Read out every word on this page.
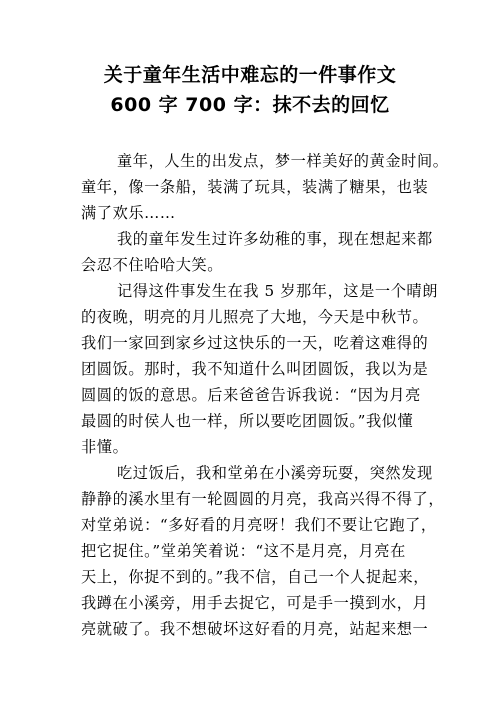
关于童年生活中难忘的一件事作文
600 字 700 字：抹不去的回忆
童年，人生的出发点，梦一样美好的黄金时间。
童年，像一条船，装满了玩具，装满了糖果，也装
满了欢乐……
我的童年发生过许多幼稚的事，现在想起来都
会忍不住哈哈大笑。
记得这件事发生在我 5 岁那年，这是一个晴朗
的夜晚，明亮的月儿照亮了大地，今天是中秋节。
我们一家回到家乡过这快乐的一天，吃着这难得的
团圆饭。那时，我不知道什么叫团圆饭，我以为是
圆圆的饭的意思。后来爸爸告诉我说：“因为月亮
最圆的时侯人也一样，所以要吃团圆饭。”我似懂
非懂。
吃过饭后，我和堂弟在小溪旁玩耍，突然发现
静静的溪水里有一轮圆圆的月亮，我高兴得不得了，
对堂弟说：“多好看的月亮呀！我们不要让它跑了，
把它捉住。”堂弟笑着说：“这不是月亮，月亮在
天上，你捉不到的。”我不信，自己一个人捉起来，
我蹲在小溪旁，用手去捉它，可是手一摸到水，月
亮就破了。我不想破坏这好看的月亮，站起来想一
